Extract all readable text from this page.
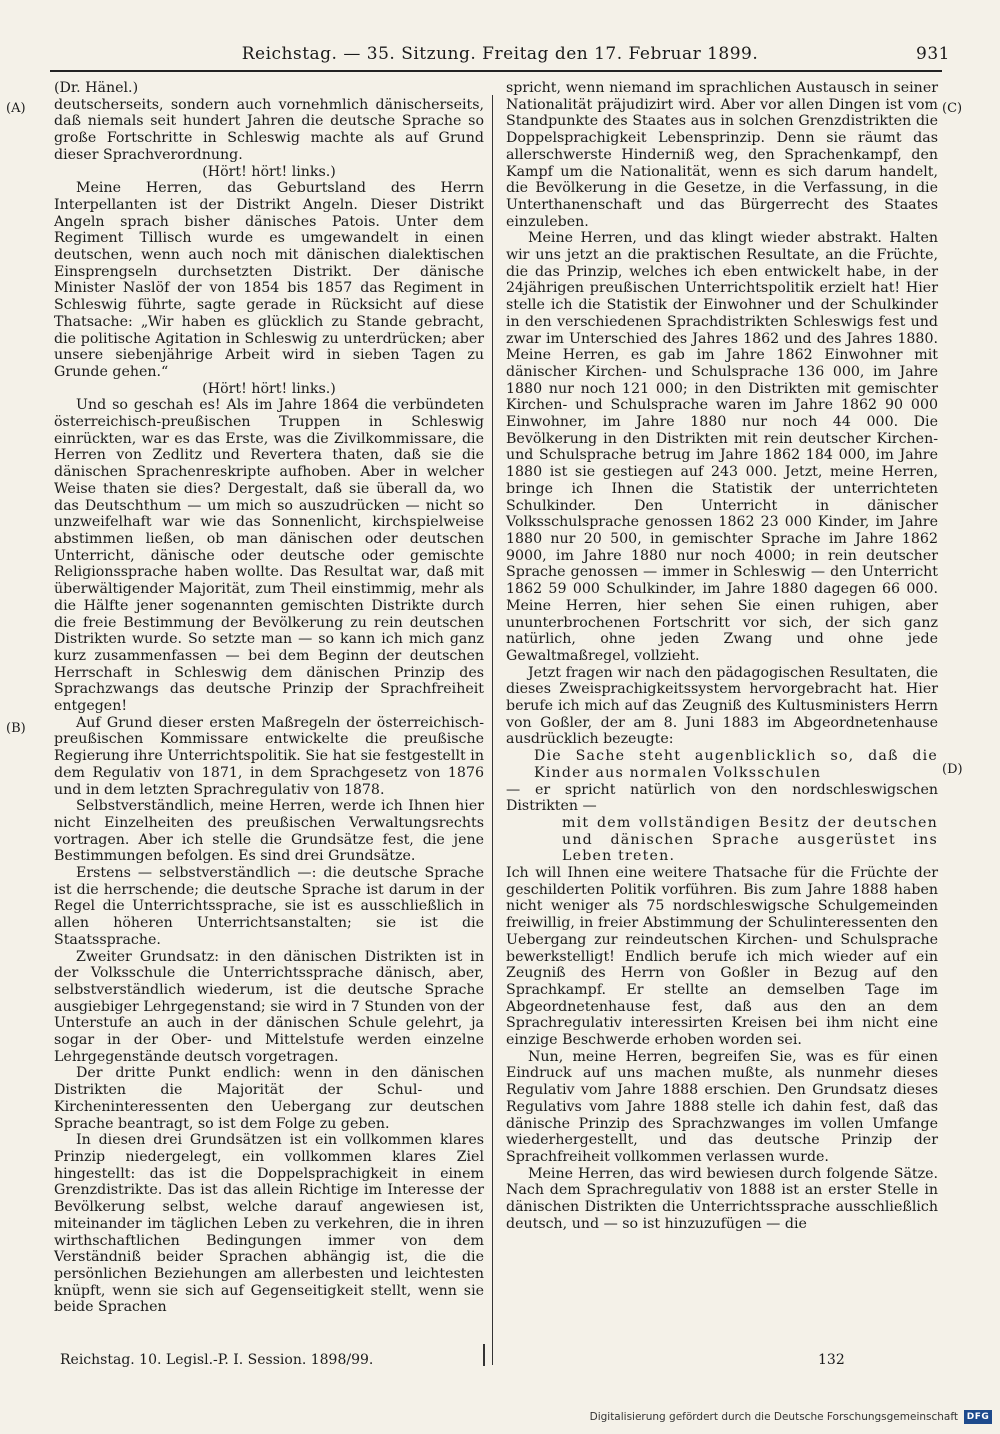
Reichstag. — 35. Sitzung. Freitag den 17. Februar 1899.	931
(A)
(B)
(C)
(D)

(Dr. Hänel.)

deutscherseits, sondern auch vornehmlich dänischerseits, daß niemals seit hundert Jahren die deutsche Sprache so große Fortschritte in Schleswig machte als auf Grund dieser Sprachverordnung.

(Hört! hört! links.)

Meine Herren, das Geburtsland des Herrn Interpellanten ist der Distrikt Angeln. Dieser Distrikt Angeln sprach bisher dänisches Patois. Unter dem Regiment Tillisch wurde es umgewandelt in einen deutschen, wenn auch noch mit dänischen dialektischen Einsprengseln durchsetzten Distrikt. Der dänische Minister Naslöf der von 1854 bis 1857 das Regiment in Schleswig führte, sagte gerade in Rücksicht auf diese Thatsache: „Wir haben es glücklich zu Stande gebracht, die politische Agitation in Schleswig zu unterdrücken; aber unsere siebenjährige Arbeit wird in sieben Tagen zu Grunde gehen.“

(Hört! hört! links.)

Und so geschah es! Als im Jahre 1864 die verbündeten österreichisch-preußischen Truppen in Schleswig einrückten, war es das Erste, was die Zivilkommissare, die Herren von Zedlitz und Revertera thaten, daß sie die dänischen Sprachenreskripte aufhoben. Aber in welcher Weise thaten sie dies? Dergestalt, daß sie überall da, wo das Deutschthum — um mich so auszudrücken — nicht so unzweifelhaft war wie das Sonnenlicht, kirchspielweise abstimmen ließen, ob man dänischen oder deutschen Unterricht, dänische oder deutsche oder gemischte Religionssprache haben wollte. Das Resultat war, daß mit überwältigender Majorität, zum Theil einstimmig, mehr als die Hälfte jener sogenannten gemischten Distrikte durch die freie Bestimmung der Bevölkerung zu rein deutschen Distrikten wurde. So setzte man — so kann ich mich ganz kurz zusammenfassen — bei dem Beginn der deutschen Herrschaft in Schleswig dem dänischen Prinzip des Sprachzwangs das deutsche Prinzip der Sprachfreiheit entgegen!

Auf Grund dieser ersten Maßregeln der österreichisch-preußischen Kommissare entwickelte die preußische Regierung ihre Unterrichtspolitik. Sie hat sie festgestellt in dem Regulativ von 1871, in dem Sprachgesetz von 1876 und in dem letzten Sprachregulativ von 1878.

Selbstverständlich, meine Herren, werde ich Ihnen hier nicht Einzelheiten des preußischen Verwaltungsrechts vortragen. Aber ich stelle die Grundsätze fest, die jene Bestimmungen befolgen. Es sind drei Grundsätze.

Erstens — selbstverständlich —: die deutsche Sprache ist die herrschende; die deutsche Sprache ist darum in der Regel die Unterrichtssprache, sie ist es ausschließlich in allen höheren Unterrichtsanstalten; sie ist die Staatssprache.

Zweiter Grundsatz: in den dänischen Distrikten ist in der Volksschule die Unterrichtssprache dänisch, aber, selbstverständlich wiederum, ist die deutsche Sprache ausgiebiger Lehrgegenstand; sie wird in 7 Stunden von der Unterstufe an auch in der dänischen Schule gelehrt, ja sogar in der Ober- und Mittelstufe werden einzelne Lehrgegenstände deutsch vorgetragen.

Der dritte Punkt endlich: wenn in den dänischen Distrikten die Majorität der Schul- und Kircheninteressenten den Uebergang zur deutschen Sprache beantragt, so ist dem Folge zu geben.

In diesen drei Grundsätzen ist ein vollkommen klares Prinzip niedergelegt, ein vollkommen klares Ziel hingestellt: das ist die Doppelsprachigkeit in einem Grenzdistrikte. Das ist das allein Richtige im Interesse der Bevölkerung selbst, welche darauf angewiesen ist, miteinander im täglichen Leben zu verkehren, die in ihren wirthschaftlichen Bedingungen immer von dem Verständniß beider Sprachen abhängig ist, die die persönlichen Beziehungen am allerbesten und leichtesten knüpft, wenn sie sich auf Gegenseitigkeit stellt, wenn sie beide Sprachen

spricht, wenn niemand im sprachlichen Austausch in seiner Nationalität präjudizirt wird. Aber vor allen Dingen ist vom Standpunkte des Staates aus in solchen Grenzdistrikten die Doppelsprachigkeit Lebensprinzip. Denn sie räumt das allerschwerste Hinderniß weg, den Sprachenkampf, den Kampf um die Nationalität, wenn es sich darum handelt, die Bevölkerung in die Gesetze, in die Verfassung, in die Unterthanenschaft und das Bürgerrecht des Staates einzuleben.

Meine Herren, und das klingt wieder abstrakt. Halten wir uns jetzt an die praktischen Resultate, an die Früchte, die das Prinzip, welches ich eben entwickelt habe, in der 24jährigen preußischen Unterrichtspolitik erzielt hat! Hier stelle ich die Statistik der Einwohner und der Schulkinder in den verschiedenen Sprachdistrikten Schleswigs fest und zwar im Unterschied des Jahres 1862 und des Jahres 1880. Meine Herren, es gab im Jahre 1862 Einwohner mit dänischer Kirchen- und Schulsprache 136 000, im Jahre 1880 nur noch 121 000; in den Distrikten mit gemischter Kirchen- und Schulsprache waren im Jahre 1862 90 000 Einwohner, im Jahre 1880 nur noch 44 000. Die Bevölkerung in den Distrikten mit rein deutscher Kirchen- und Schulsprache betrug im Jahre 1862 184 000, im Jahre 1880 ist sie gestiegen auf 243 000. Jetzt, meine Herren, bringe ich Ihnen die Statistik der unterrichteten Schulkinder. Den Unterricht in dänischer Volksschulsprache genossen 1862 23 000 Kinder, im Jahre 1880 nur 20 500, in gemischter Sprache im Jahre 1862 9000, im Jahre 1880 nur noch 4000; in rein deutscher Sprache genossen — immer in Schleswig — den Unterricht 1862 59 000 Schulkinder, im Jahre 1880 dagegen 66 000. Meine Herren, hier sehen Sie einen ruhigen, aber ununterbrochenen Fortschritt vor sich, der sich ganz natürlich, ohne jeden Zwang und ohne jede Gewaltmaßregel, vollzieht.

Jetzt fragen wir nach den pädagogischen Resultaten, die dieses Zweisprachigkeitssystem hervorgebracht hat. Hier berufe ich mich auf das Zeugniß des Kultusministers Herrn von Goßler, der am 8. Juni 1883 im Abgeordnetenhause ausdrücklich bezeugte:

Die Sache steht augenblicklich so, daß die Kinder aus normalen Volksschulen

— er spricht natürlich von den nordschleswigschen Distrikten —

mit dem vollständigen Besitz der deutschen und dänischen Sprache ausgerüstet ins Leben treten.

Ich will Ihnen eine weitere Thatsache für die Früchte der geschilderten Politik vorführen. Bis zum Jahre 1888 haben nicht weniger als 75 nordschleswigsche Schulgemeinden freiwillig, in freier Abstimmung der Schulinteressenten den Uebergang zur reindeutschen Kirchen- und Schulsprache bewerkstelligt! Endlich berufe ich mich wieder auf ein Zeugniß des Herrn von Goßler in Bezug auf den Sprachkampf. Er stellte an demselben Tage im Abgeordnetenhause fest, daß aus den an dem Sprachregulativ interessirten Kreisen bei ihm nicht eine einzige Beschwerde erhoben worden sei.

Nun, meine Herren, begreifen Sie, was es für einen Eindruck auf uns machen mußte, als nunmehr dieses Regulativ vom Jahre 1888 erschien. Den Grundsatz dieses Regulativs vom Jahre 1888 stelle ich dahin fest, daß das dänische Prinzip des Sprachzwanges im vollen Umfange wiederhergestellt, und das deutsche Prinzip der Sprachfreiheit vollkommen verlassen wurde.

Meine Herren, das wird bewiesen durch folgende Sätze. Nach dem Sprachregulativ von 1888 ist an erster Stelle in dänischen Distrikten die Unterrichtssprache ausschließlich deutsch, und — so ist hinzuzufügen — die

Reichstag. 10. Legisl.-P. I. Session. 1898/99.	132
Digitalisierung gefördert durch die Deutsche Forschungsgemeinschaft DFG
